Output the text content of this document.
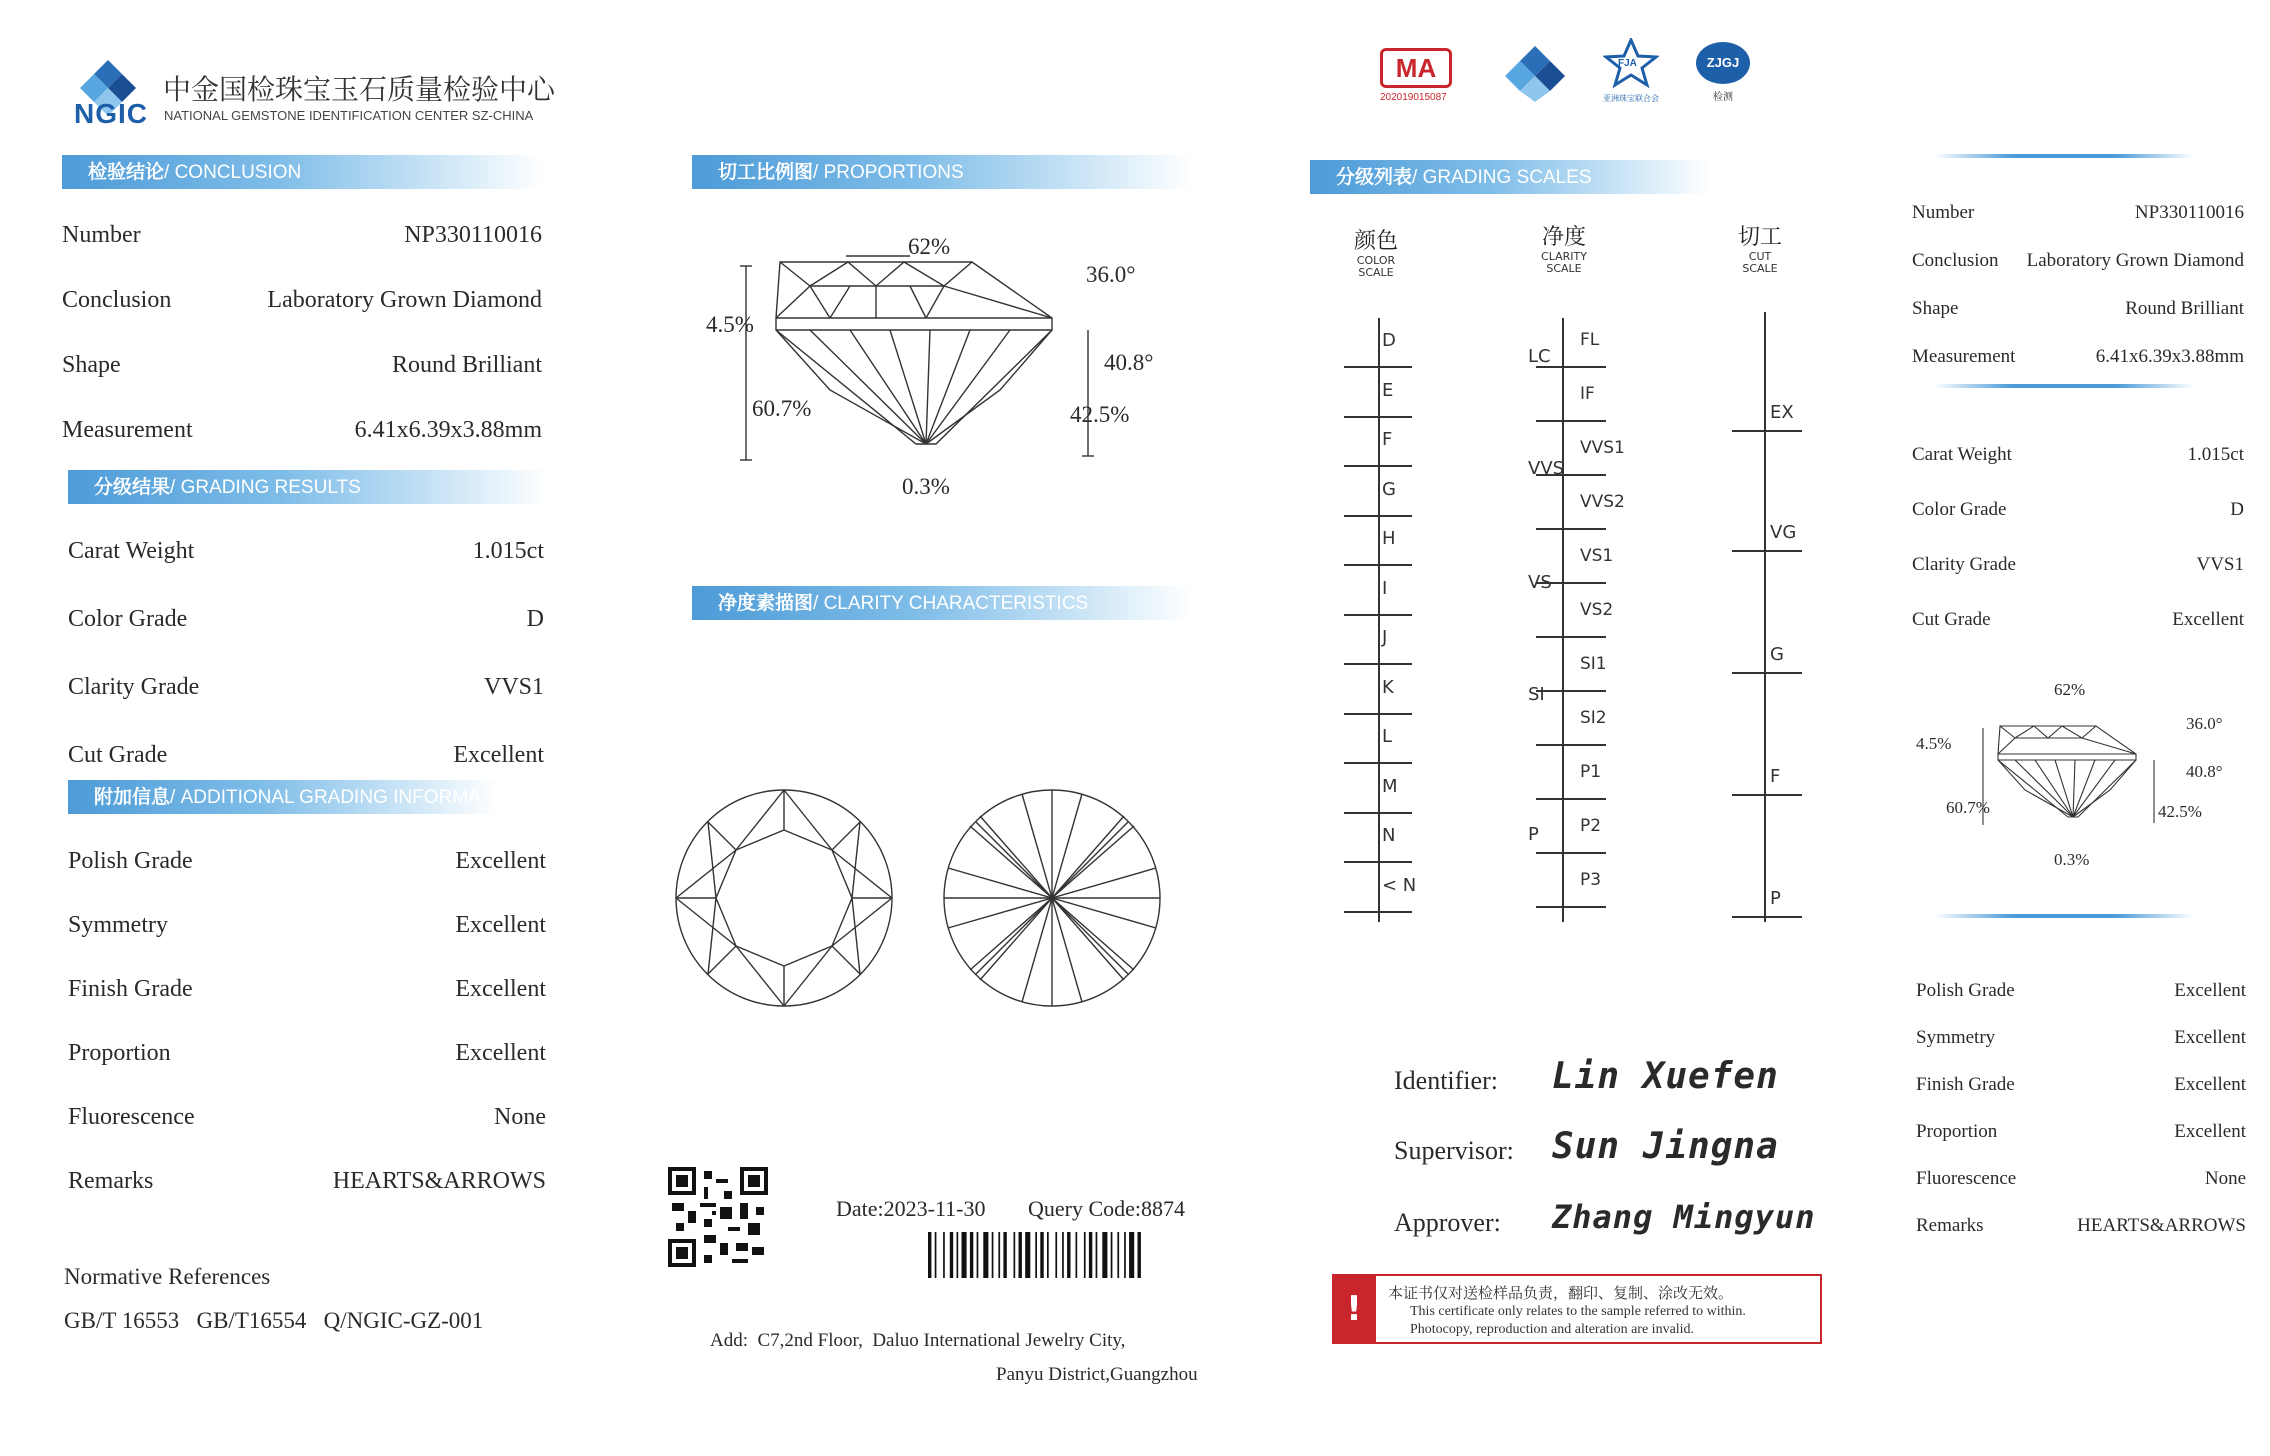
NGIC
中金国检珠宝玉石质量检验中心
NATIONAL GEMSTONE IDENTIFICATION CENTER SZ-CHINA
检验结论/ CONCLUSION
Number	NP330110016
Conclusion	Laboratory Grown Diamond
Shape	Round Brilliant
Measurement	6.41x6.39x3.88mm
分级结果/ GRADING RESULTS
Carat Weight	1.015ct
Color Grade	D
Clarity Grade	VVS1
Cut Grade	Excellent
附加信息/ ADDITIONAL GRADING INFORMA
Polish Grade	Excellent
Symmetry	Excellent
Finish Grade	Excellent
Proportion	Excellent
Fluorescence	None
Remarks	HEARTS&ARROWS
Normative References
GB/T 16553   GB/T16554   Q/NGIC-GZ-001
切工比例图/ PROPORTIONS
62%
36.0°
4.5%
40.8°
60.7%	42.5%
0.3%
净度素描图/ CLARITY CHARACTERISTICS
Date:2023-11-30 Query Code:8874
Add:  C7,2nd Floor,  Daluo International Jewelry City,
Panyu District,Guangzhou
MA
202019015087
FJA
亚洲珠宝联合会
ZJGJ
检测
分级列表/ GRADING SCALES
颜色
COLOR
SCALE
净度
CLARITY
SCALE
切工
CUT
SCALE
D
E
F
G
H
I
J
K
L
M
N
< N
FL
IF
VVS1
VVS2
VS1
VS2
SI1
SI2
P1
P2
P3
LC
VVS
VS
SI
P
EX
VG
G
F
P
Identifier: Lin Xuefen
Supervisor: Sun Jingna
Approver: Zhang Mingyun
!	本证书仅对送检样品负责，翻印、复制、涂改无效。
This certificate only relates to the sample referred to within.
Photocopy, reproduction and alteration are invalid.
Number	NP330110016
Conclusion Laboratory Grown Diamond
Shape	Round Brilliant
Measurement	6.41x6.39x3.88mm
Carat Weight	1.015ct
Color Grade	D
Clarity Grade	VVS1
Cut Grade	Excellent
62%
36.0°
4.5%
40.8°
60.7%	42.5%
0.3%
Polish Grade	Excellent
Symmetry	Excellent
Finish Grade	Excellent
Proportion	Excellent
Fluorescence	None
Remarks	HEARTS&ARROWS
